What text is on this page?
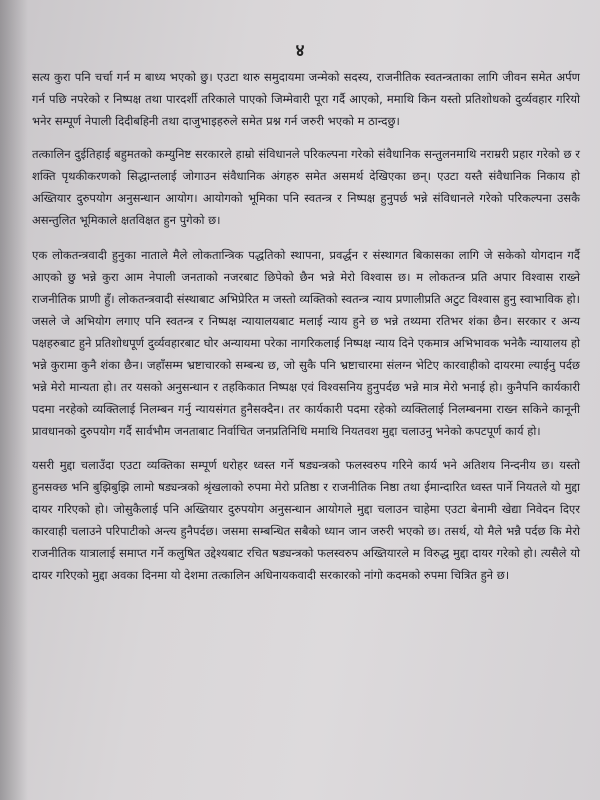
४

सत्य कुरा पनि चर्चा गर्न म बाध्य भएको छु। एउटा थारु समुदायमा जन्मेको सदस्य, राजनीतिक स्वतन्त्रताका लागि जीवन समेत अर्पण गर्न पछि नपरेको र निष्पक्ष तथा पारदर्शी तरिकाले पाएको जिम्मेवारी पूरा गर्दै आएको, ममाथि किन यस्तो प्रतिशोधको दुर्व्यवहार गरियो भनेर सम्पूर्ण नेपाली दिदीबहिनी तथा दाजुभाइहरुले समेत प्रश्न गर्न जरुरी भएको म ठान्दछु।

तत्कालिन दुईतिहाई बहुमतको कम्युनिष्ट सरकारले हाम्रो संविधानले परिकल्पना गरेको संवैधानिक सन्तुलनमाथि नराम्ररी प्रहार गरेको छ र शक्ति पृथकीकरणको सिद्धान्तलाई जोगाउन संवैधानिक अंगहरु समेत असमर्थ देखिएका छन्। एउटा यस्तै संवैधानिक निकाय हो अख्तियार दुरुपयोग अनुसन्धान आयोग। आयोगको भूमिका पनि स्वतन्त्र र निष्पक्ष हुनुपर्छ भन्ने संविधानले गरेको परिकल्पना उसकै असन्तुलित भूमिकाले क्षतविक्षत हुन पुगेको छ।

एक लोकतन्त्रवादी हुनुका नाताले मैले लोकतान्त्रिक पद्धतिको स्थापना, प्रवर्द्धन र संस्थागत बिकासका लागि जे सकेको योगदान गर्दै आएको छु भन्ने कुरा आम नेपाली जनताको नजरबाट छिपेको छैन भन्ने मेरो विश्वास छ। म लोकतन्त्र प्रति अपार विश्वास राख्ने राजनीतिक प्राणी हुँ। लोकतन्त्रवादी संस्थाबाट अभिप्रेरित म जस्तो व्यक्तिको स्वतन्त्र न्याय प्रणालीप्रति अटुट विश्वास हुनु स्वाभाविक हो। जसले जे अभियोग लगाए पनि स्वतन्त्र र निष्पक्ष न्यायालयबाट मलाई न्याय हुने छ भन्ने तथ्यमा रतिभर शंका छैन। सरकार र अन्य पक्षहरुबाट हुने प्रतिशोधपूर्ण दुर्व्यवहारबाट घोर अन्यायमा परेका नागरिकलाई निष्पक्ष न्याय दिने एकमात्र अभिभावक भनेकै न्यायालय हो भन्ने कुरामा कुनै शंका छैन। जहाँसम्म भ्रष्टाचारको सम्बन्ध छ, जो सुकै पनि भ्रष्टाचारमा संलग्न भेटिए कारवाहीको दायरमा ल्याईनु पर्दछ भन्ने मेरो मान्यता हो। तर यसको अनुसन्धान र तहकिकात निष्पक्ष एवं विश्वसनिय हुनुपर्दछ भन्ने मात्र मेरो भनाई हो। कुनैपनि कार्यकारी पदमा नरहेको व्यक्तिलाई निलम्बन गर्नु न्यायसंगत हुनैसक्दैन। तर कार्यकारी पदमा रहेको व्यक्तिलाई निलम्बनमा राख्न सकिने कानूनी प्रावधानको दुरुपयोग गर्दै सार्वभौम जनताबाट निर्वाचित जनप्रतिनिधि ममाथि नियतवश मुद्दा चलाउनु भनेको कपटपूर्ण कार्य हो।

यसरी मुद्दा चलाउँदा एउटा व्यक्तिका सम्पूर्ण धरोहर ध्वस्त गर्ने षड्यन्त्रको फलस्वरुप गरिने कार्य भने अतिशय निन्दनीय छ। यस्तो हुनसक्छ भनि बुझिबुझि लामो षड्यन्त्रको श्रृंखलाको रुपमा मेरो प्रतिष्ठा र राजनीतिक निष्ठा तथा ईमान्दारित ध्वस्त पार्ने नियतले यो मुद्दा दायर गरिएको हो। जोसुकैलाई पनि अख्तियार दुरुपयोग अनुसन्धान आयोगले मुद्दा चलाउन चाहेमा एउटा बेनामी खेद्या निवेदन दिएर कारवाही चलाउने परिपाटीको अन्त्य हुनैपर्दछ। जसमा सम्बन्धित सबैको ध्यान जान जरुरी भएको छ। तसर्थ, यो मैले भन्नै पर्दछ कि मेरो राजनीतिक यात्रालाई समाप्त गर्ने कलुषित उद्देश्यबाट रचित षड्यन्त्रको फलस्वरुप अख्तियारले म विरुद्ध मुद्दा दायर गरेको हो। त्यसैले यो दायर गरिएको मुद्दा अवका दिनमा यो देशमा तत्कालिन अधिनायकवादी सरकारको नांगो कदमको रुपमा चित्रित हुने छ।
